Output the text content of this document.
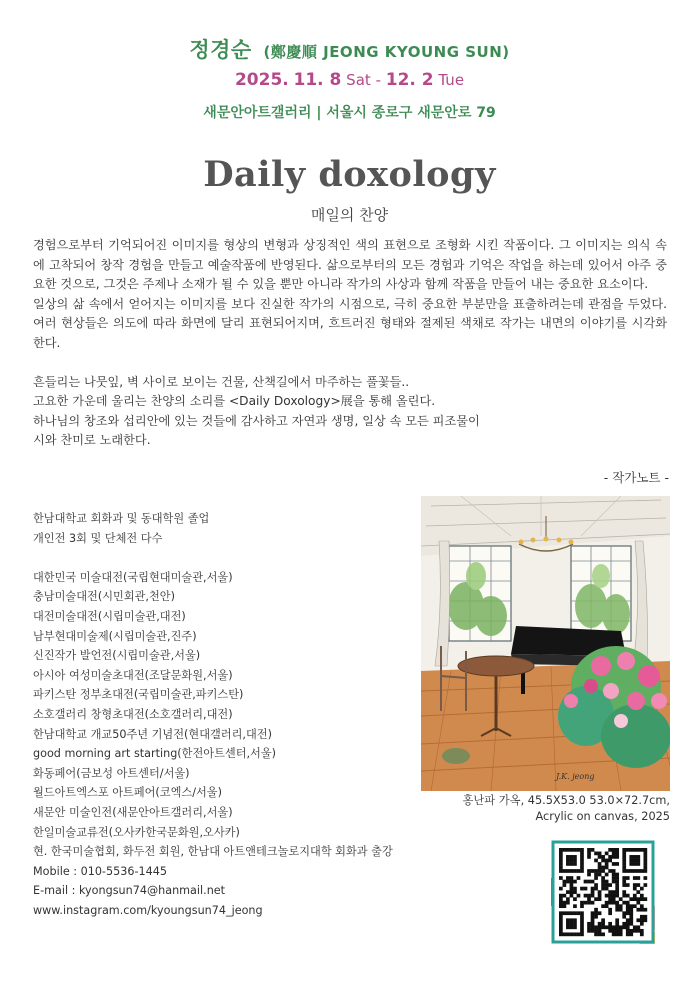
정경순 (鄭慶順 JEONG KYOUNG SUN)
2025. 11. 8 Sat - 12. 2 Tue
새문안아트갤러리 | 서울시 종로구 새문안로 79
Daily doxology
매일의 찬양

경험으로부터 기억되어진 이미지를 형상의 변형과 상징적인 색의 표현으로 조형화 시킨 작품이다. 그 이미지는 의식 속에 고착되어 창작 경험을 만들고 예술작품에 반영된다. 삶으로부터의 모든 경험과 기억은 작업을 하는데 있어서 아주 중요한 것으로, 그것은 주제나 소재가 될 수 있을 뿐만 아니라 작가의 사상과 함께 작품을 만들어 내는 중요한 요소이다.

일상의 삶 속에서 얻어지는 이미지를 보다 진실한 작가의 시점으로, 극히 중요한 부분만을 표출하려는데 관점을 두었다. 여러 현상들은 의도에 따라 화면에 달리 표현되어지며, 흐트러진 형태와 절제된 색채로 작가는 내면의 이야기를 시각화한다.

흔들리는 나뭇잎, 벽 사이로 보이는 건물, 산책길에서 마주하는 풀꽃들..

고요한 가운데 울리는 찬양의 소리를 <Daily Doxology>展을 통해 올린다.

하나님의 창조와 섭리안에 있는 것들에 감사하고 자연과 생명, 일상 속 모든 피조물이

시와 찬미로 노래한다.

- 작가노트 -
한남대학교 회화과 및 동대학원 졸업
개인전 3회 및 단체전 다수
대한민국 미술대전(국립현대미술관,서울)
충남미술대전(시민회관,천안)
대전미술대전(시립미술관,대전)
남부현대미술제(시립미술관,진주)
신진작가 발언전(시립미술관,서울)
아시아 여성미술초대전(조달문화원,서울)
파키스탄 정부초대전(국립미술관,파키스탄)
소호갤러리 창형초대전(소호갤러리,대전)
한남대학교 개교50주년 기념전(현대갤러리,대전)
good morning art starting(한전아트센터,서울)
화동페어(금보성 아트센터/서울)
월드아트엑스포 아트페어(코엑스/서울)
새문안 미술인전(새문안아트갤러리,서울)
한일미술교류전(오사카한국문화원,오사카)
현. 한국미술협회, 화두전 회원, 한남대 아트앤테크놀로지대학 회화과 출강
Mobile : 010-5536-1445
E-mail : kyongsun74@hanmail.net
www.instagram.com/kyoungsun74_jeong
J.K. jeong
홍난파 가옥, 45.5X53.0 53.0×72.7cm,
Acrylic on canvas, 2025
